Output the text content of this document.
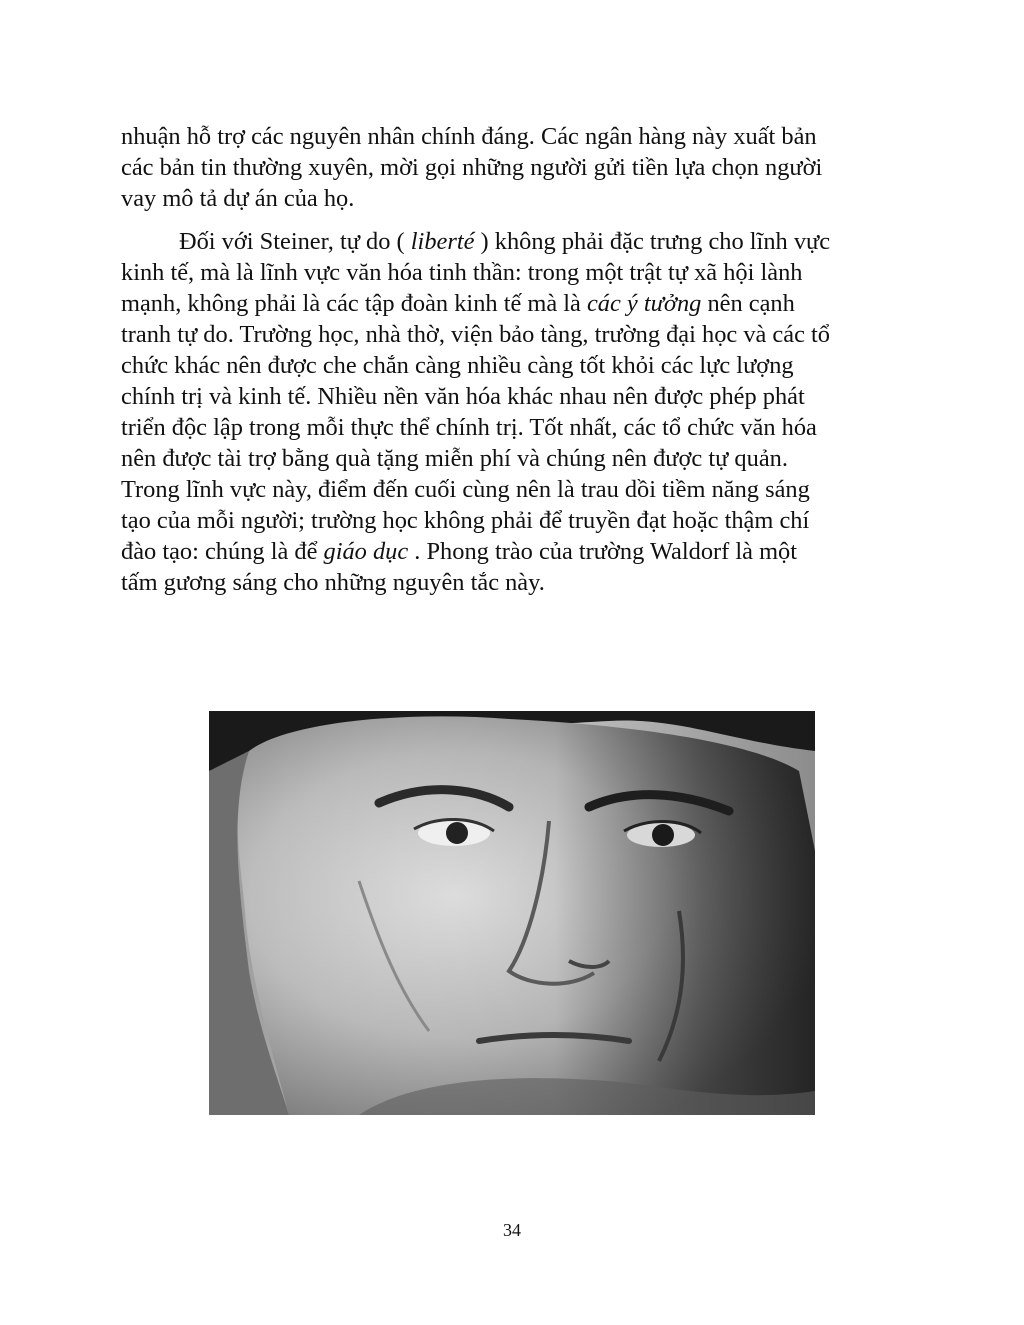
nhuận hỗ trợ các nguyên nhân chính đáng. Các ngân hàng này xuất bản
các bản tin thường xuyên, mời gọi những người gửi tiền lựa chọn người
vay mô tả dự án của họ.

Đối với Steiner, tự do ( liberté ) không phải đặc trưng cho lĩnh vực
kinh tế, mà là lĩnh vực văn hóa tinh thần: trong một trật tự xã hội lành
mạnh, không phải là các tập đoàn kinh tế mà là các ý tưởng nên cạnh
tranh tự do. Trường học, nhà thờ, viện bảo tàng, trường đại học và các tổ
chức khác nên được che chắn càng nhiều càng tốt khỏi các lực lượng
chính trị và kinh tế. Nhiều nền văn hóa khác nhau nên được phép phát
triển độc lập trong mỗi thực thể chính trị. Tốt nhất, các tổ chức văn hóa
nên được tài trợ bằng quà tặng miễn phí và chúng nên được tự quản.
Trong lĩnh vực này, điểm đến cuối cùng nên là trau dồi tiềm năng sáng
tạo của mỗi người; trường học không phải để truyền đạt hoặc thậm chí
đào tạo: chúng là để giáo dục . Phong trào của trường Waldorf là một
tấm gương sáng cho những nguyên tắc này.

34
